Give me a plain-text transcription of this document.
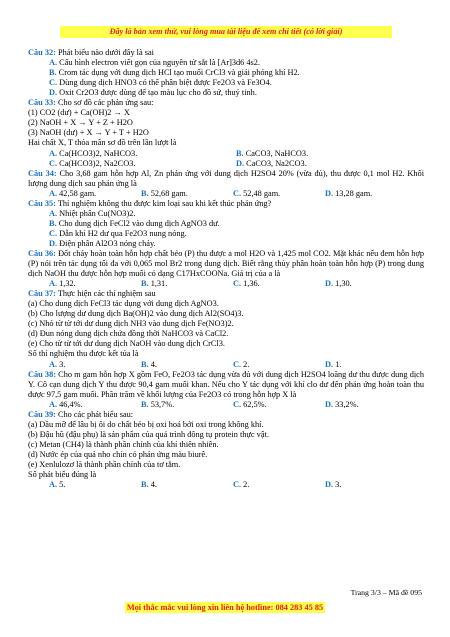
Đây là bản xem thử, vui lòng mua tài liệu để xem chi tiết (có lời giải)
Câu 32: Phát biểu nào dưới đây là sai
A. Cấu hình electron viết gọn của nguyên tử sắt là [Ar]3d6 4s2.
B. Crom tác dụng với dung dịch HCl tạo muối CrCl3 và giải phóng khí H2.
C. Dùng dung dịch HNO3 có thể phân biệt được Fe2O3 và Fe3O4.
D. Oxit Cr2O3 được dùng để tạo màu lục cho đồ sứ, thuỷ tinh.
Câu 33: Cho sơ đồ các phản ứng sau:
(1) CO2 (dư) + Ca(OH)2 → X
(2) NaOH + X → Y + Z + H2O
(3) NaOH (dư) + X → Y + T + H2O
Hai chất X, T thỏa mãn sơ đồ trên lần lượt là
A. Ca(HCO3)2, NaHCO3.	B. CaCO3, NaHCO3.
C. Ca(HCO3)2, Na2CO3.	D. CaCO3, Na2CO3.
Câu 34: Cho 3,68 gam hỗn hợp Al, Zn phản ứng với dung dịch H2SO4 20% (vừa đủ), thu được 0,1 mol H2. Khối lượng dung dịch sau phản ứng là
A. 42,58 gam.	B. 52,68 gam.	C. 52,48 gam.	D. 13,28 gam.
Câu 35: Thí nghiệm không thu được kim loại sau khi kết thúc phản ứng?
A. Nhiệt phân Cu(NO3)2.
B. Cho dung dịch FeCl2 vào dung dịch AgNO3 dư.
C. Dẫn khí H2 dư qua Fe2O3 nung nóng.
D. Điện phân Al2O3 nóng chảy.
Câu 36: Đốt cháy hoàn toàn hỗn hợp chất béo (P) thu được a mol H2O và 1,425 mol CO2. Mặt khác nếu đem hỗn hợp (P) nói trên tác dụng tối đa với 0,065 mol Br2 trong dung dịch. Biết rằng thủy phân hoàn toàn hỗn hợp (P) trong dung dịch NaOH thu được hỗn hợp muối có dạng C17HxCOONa. Giá trị của a là
A. 1,32.	B. 1,31.	C. 1,36.	D. 1,30.
Câu 37: Thực hiện các thí nghiệm sau
(a) Cho dung dịch FeCl3 tác dụng với dung dịch AgNO3.
(b) Cho lượng dư dung dịch Ba(OH)2 vào dung dịch Al2(SO4)3.
(c) Nhỏ từ từ tới dư dung dịch NH3 vào dung dịch Fe(NO3)2.
(d) Đun nóng dung dịch chứa đồng thời NaHCO3 và CaCl2.
(e) Cho từ từ tới dư dung dịch NaOH vào dung dịch CrCl3.
Số thí nghiệm thu được kết tủa là
A. 3.	B. 4.	C. 2.	D. 1.
Câu 38: Cho m gam hỗn hợp X gồm FeO, Fe2O3 tác dụng vừa đủ với dung dịch H2SO4 loãng dư thu được dung dịch Y. Cô cạn dung dịch Y thu được 90,4 gam muối khan. Nếu cho Y tác dụng với khí clo dư đến phản ứng hoàn toàn thu được 97,5 gam muối. Phần trăm về khối lượng của Fe2O3 có trong hỗn hợp X là
A. 46,4%.	B. 53,7%.	C. 62,5%.	D. 33,2%.
Câu 39: Cho các phát biểu sau:
(a) Dầu mỡ để lâu bị ôi do chất béo bị oxi hoá bởi oxi trong không khí.
(b) Đậu hũ (đậu phụ) là sản phẩm của quá trình đông tụ protein thực vật.
(c) Metan (CH4) là thành phần chính của khí thiên nhiên.
(d) Nước ép của quả nho chín có phản ứng màu biurê.
(e) Xenlulozơ là thành phần chính của tơ tằm.
Số phát biểu đúng là
A. 5.	B. 4.	C. 2.	D. 3.
Trang 3/3 – Mã đề 095
Mọi thắc mắc vui lòng xin liên hệ hotline: 084 283 45 85
